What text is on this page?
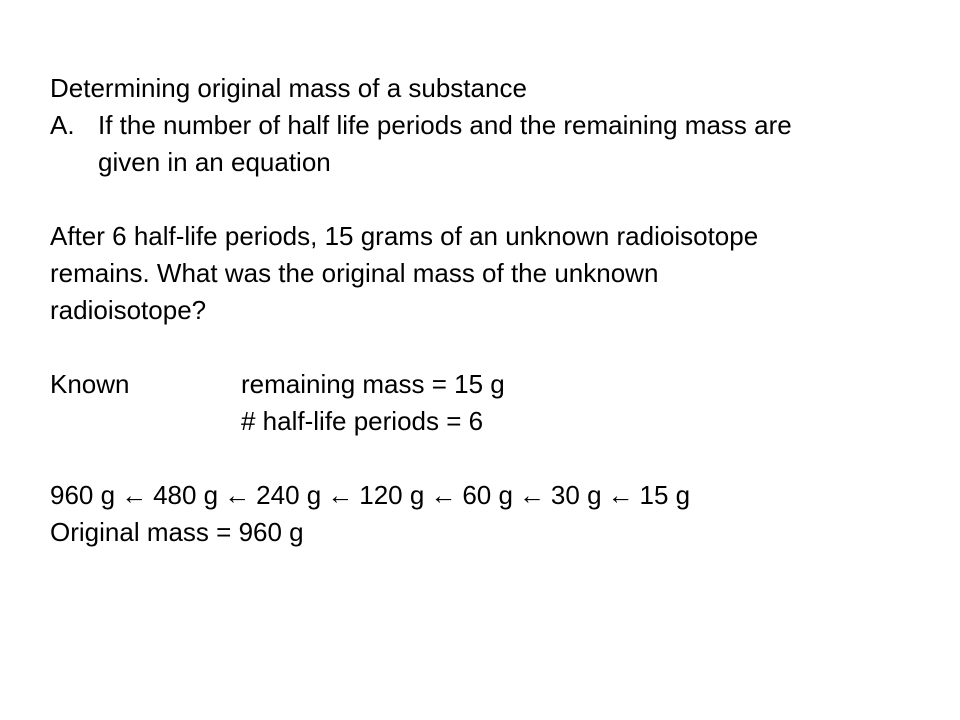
Determining original mass of a substance
A. If the number of half life periods and the remaining mass are
given in an equation
After 6 half-life periods, 15 grams of an unknown radioisotope
remains. What was the original mass of the unknown
radioisotope?
Known	remaining mass = 15 g
# half-life periods = 6
960 g ← 480 g ← 240 g ← 120 g ← 60 g ← 30 g ← 15 g
Original mass = 960 g
